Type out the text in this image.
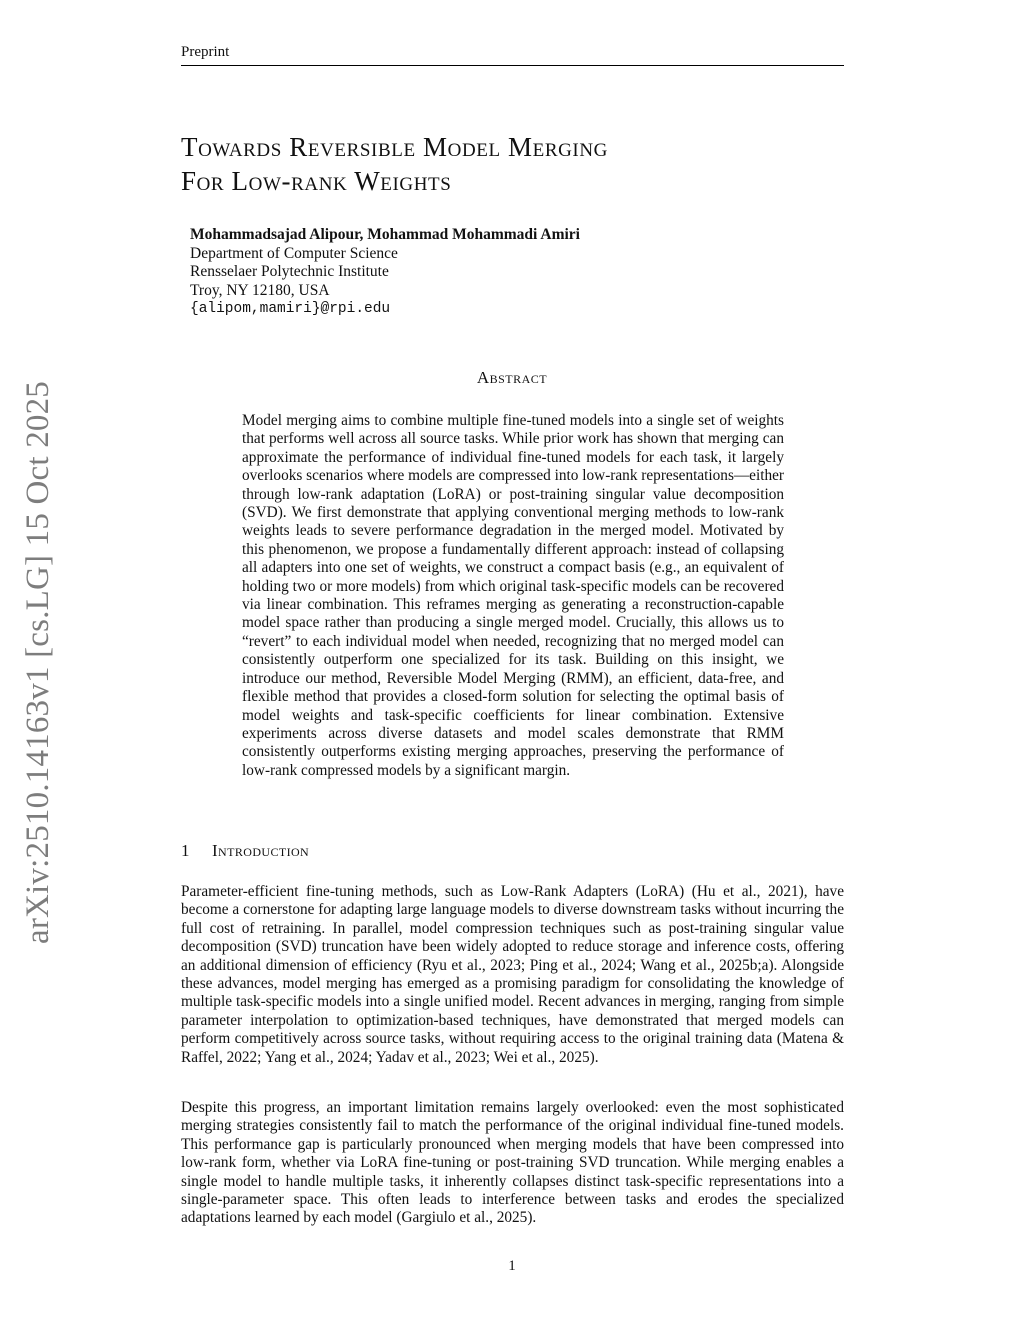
Preprint
arXiv:2510.14163v1 [cs.LG] 15 Oct 2025
Towards Reversible Model Merging
For Low-rank Weights
Mohammadsajad Alipour, Mohammad Mohammadi Amiri
Department of Computer Science
Rensselaer Polytechnic Institute
Troy, NY 12180, USA
{alipom,mamiri}@rpi.edu
Abstract
Model merging aims to combine multiple fine-tuned models into a single set of weights that performs well across all source tasks. While prior work has shown that merging can approximate the performance of individual fine-tuned models for each task, it largely overlooks scenarios where models are compressed into low-rank representations—either through low-rank adaptation (LoRA) or post-training singular value decomposition (SVD). We first demonstrate that applying conventional merging methods to low-rank weights leads to severe performance degradation in the merged model. Motivated by this phenomenon, we propose a fundamentally different approach: instead of collapsing all adapters into one set of weights, we construct a compact basis (e.g., an equivalent of holding two or more models) from which original task-specific models can be recovered via linear combination. This reframes merging as generating a reconstruction-capable model space rather than producing a single merged model. Crucially, this allows us to “revert” to each individual model when needed, recognizing that no merged model can consistently outperform one specialized for its task. Building on this insight, we introduce our method, Reversible Model Merging (RMM), an efficient, data-free, and flexible method that provides a closed-form solution for selecting the optimal basis of model weights and task-specific coefficients for linear combination. Extensive experiments across diverse datasets and model scales demonstrate that RMM consistently outperforms existing merging approaches, preserving the performance of low-rank compressed models by a significant margin.
1 Introduction

Parameter-efficient fine-tuning methods, such as Low-Rank Adapters (LoRA) (Hu et al., 2021), have become a cornerstone for adapting large language models to diverse downstream tasks without incurring the full cost of retraining. In parallel, model compression techniques such as post-training singular value decomposition (SVD) truncation have been widely adopted to reduce storage and inference costs, offering an additional dimension of efficiency (Ryu et al., 2023; Ping et al., 2024; Wang et al., 2025b;a). Alongside these advances, model merging has emerged as a promising paradigm for consolidating the knowledge of multiple task-specific models into a single unified model. Recent advances in merging, ranging from simple parameter interpolation to optimization-based techniques, have demonstrated that merged models can perform competitively across source tasks, without requiring access to the original training data (Matena & Raffel, 2022; Yang et al., 2024; Yadav et al., 2023; Wei et al., 2025).

Despite this progress, an important limitation remains largely overlooked: even the most sophisticated merging strategies consistently fail to match the performance of the original individual fine-tuned models. This performance gap is particularly pronounced when merging models that have been compressed into low-rank form, whether via LoRA fine-tuning or post-training SVD truncation. While merging enables a single model to handle multiple tasks, it inherently collapses distinct task-specific representations into a single-parameter space. This often leads to interference between tasks and erodes the specialized adaptations learned by each model (Gargiulo et al., 2025).

1
